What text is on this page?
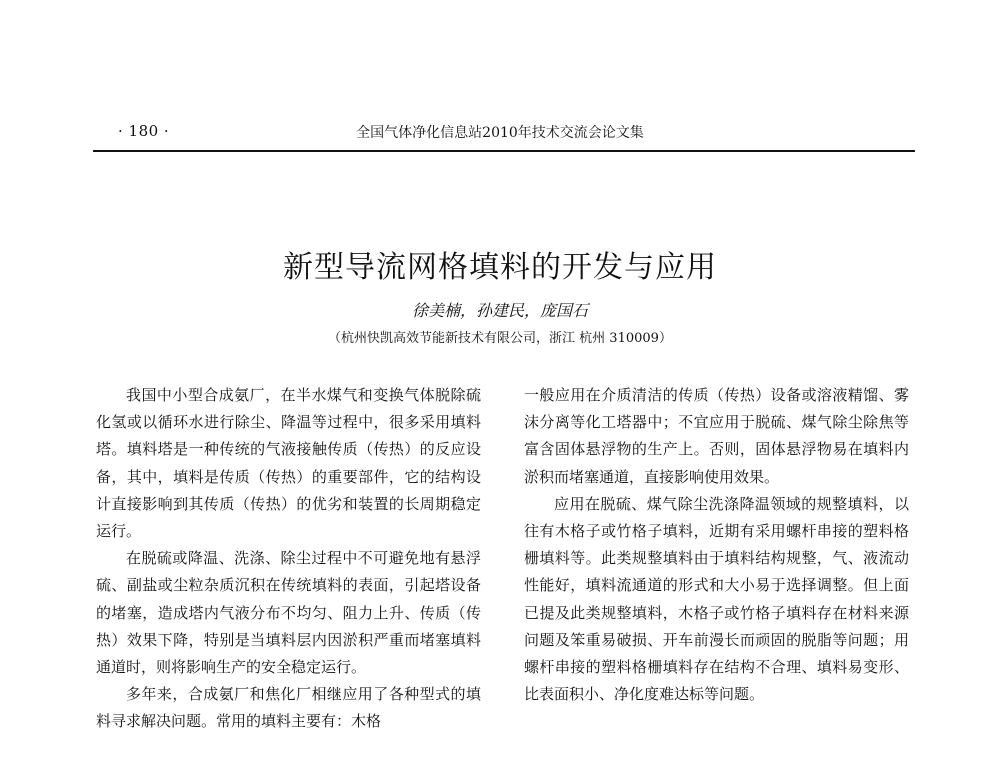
· 180 ·	全国气体净化信息站2010年技术交流会论文集
新型导流网格填料的开发与应用
徐美楠，孙建民，庞国石
（杭州快凯高效节能新技术有限公司，浙江 杭州 310009）

我国中小型合成氨厂，在半水煤气和变换气体脱除硫化氢或以循环水进行除尘、降温等过程中，很多采用填料塔。填料塔是一种传统的气液接触传质（传热）的反应设备，其中，填料是传质（传热）的重要部件，它的结构设计直接影响到其传质（传热）的优劣和装置的长周期稳定运行。

在脱硫或降温、洗涤、除尘过程中不可避免地有悬浮硫、副盐或尘粒杂质沉积在传统填料的表面，引起塔设备的堵塞，造成塔内气液分布不均匀、阻力上升、传质（传热）效果下降，特别是当填料层内因淤积严重而堵塞填料通道时，则将影响生产的安全稳定运行。

多年来，合成氨厂和焦化厂相继应用了各种型式的填料寻求解决问题。常用的填料主要有：木格

一般应用在介质清洁的传质（传热）设备或溶液精馏、雾沫分离等化工塔器中；不宜应用于脱硫、煤气除尘除焦等富含固体悬浮物的生产上。否则，固体悬浮物易在填料内淤积而堵塞通道，直接影响使用效果。

应用在脱硫、煤气除尘洗涤降温领域的规整填料，以往有木格子或竹格子填料，近期有采用螺杆串接的塑料格栅填料等。此类规整填料由于填料结构规整，气、液流动性能好，填料流通道的形式和大小易于选择调整。但上面已提及此类规整填料，木格子或竹格子填料存在材料来源问题及笨重易破损、开车前漫长而顽固的脱脂等问题；用螺杆串接的塑料格栅填料存在结构不合理、填料易变形、比表面积小、净化度难达标等问题。
